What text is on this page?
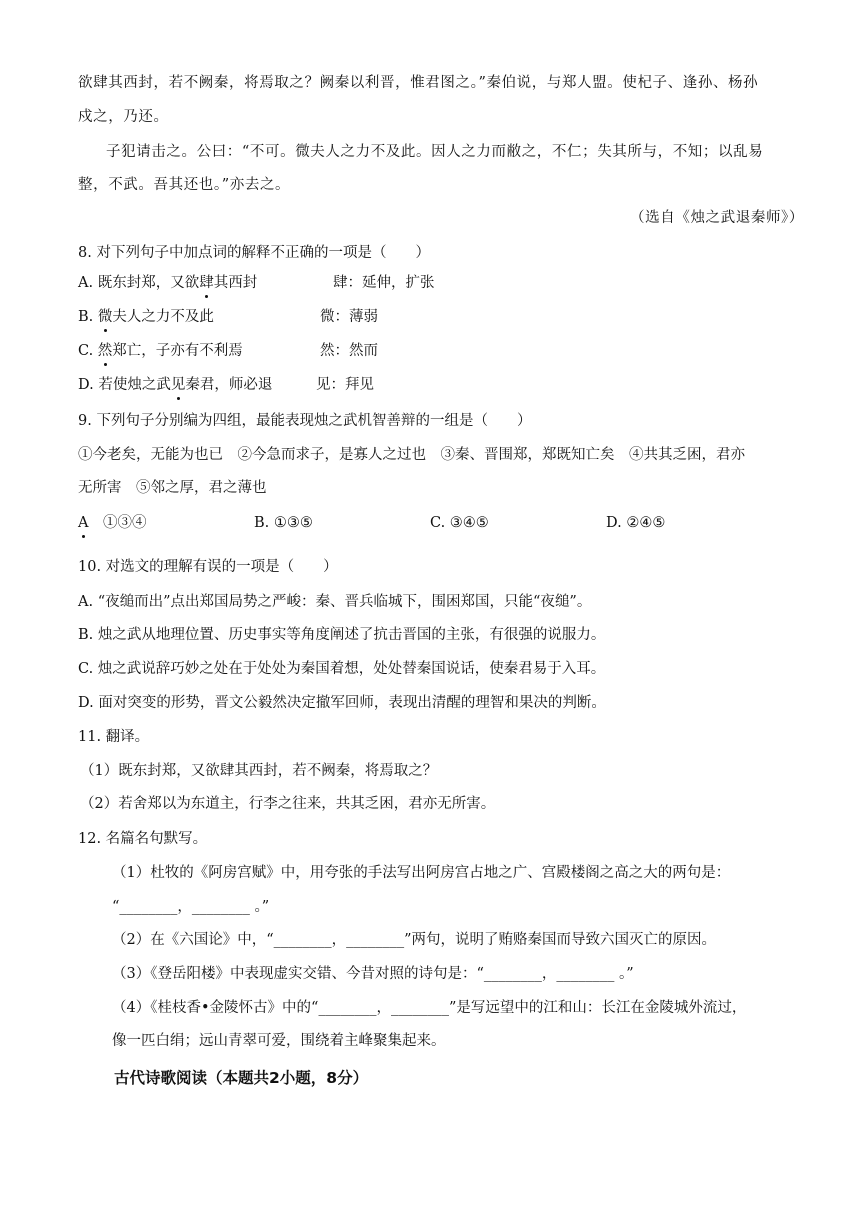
欲肆其西封，若不阙秦，将焉取之？阙秦以利晋，惟君图之。”秦伯说，与郑人盟。使杞子、逢孙、杨孙
戍之，乃还。
子犯请击之。公曰：“不可。微夫人之力不及此。因人之力而敝之，不仁；失其所与，不知；以乱易
整，不武。吾其还也。”亦去之。
（选自《烛之武退秦师》）
8. 对下列句子中加点词的解释不正确的一项是（　　）
A. 既东封郑，又欲肆其西封	肆：延伸，扩张
B. 微夫人之力不及此	微：薄弱
C. 然郑亡，子亦有不利焉	然：然而
D. 若使烛之武见秦君，师必退	见：拜见
9. 下列句子分别编为四组，最能表现烛之武机智善辩的一组是（　　）
①今老矣，无能为也已　②今急而求子，是寡人之过也　③秦、晋围郑，郑既知亡矣　④共其乏困，君亦
无所害　⑤邻之厚，君之薄也
A　 ①③④	B. ①③⑤	C. ③④⑤	D. ②④⑤
10. 对选文的理解有误的一项是（　　）
A. “夜缒而出”点出郑国局势之严峻：秦、晋兵临城下，围困郑国，只能“夜缒”。
B. 烛之武从地理位置、历史事实等角度阐述了抗击晋国的主张，有很强的说服力。
C. 烛之武说辞巧妙之处在于处处为秦国着想，处处替秦国说话，使秦君易于入耳。
D. 面对突变的形势，晋文公毅然决定撤军回师，表现出清醒的理智和果决的判断。
11. 翻译。
（1）既东封郑，又欲肆其西封，若不阙秦，将焉取之？
（2）若舍郑以为东道主，行李之往来，共其乏困，君亦无所害。
12. 名篇名句默写。
（1）杜牧的《阿房宫赋》中，用夸张的手法写出阿房宫占地之广、宫殿楼阁之高之大的两句是：
“________，________ 。”
（2）在《六国论》中，“________，________”两句，说明了贿赂秦国而导致六国灭亡的原因。
（3）《登岳阳楼》中表现虚实交错、今昔对照的诗句是：“________，________ 。”
（4）《桂枝香•金陵怀古》中的“________，________”是写远望中的江和山：长江在金陵城外流过，
像一匹白绢；远山青翠可爱，围绕着主峰聚集起来。
古代诗歌阅读（本题共2小题，8分）
